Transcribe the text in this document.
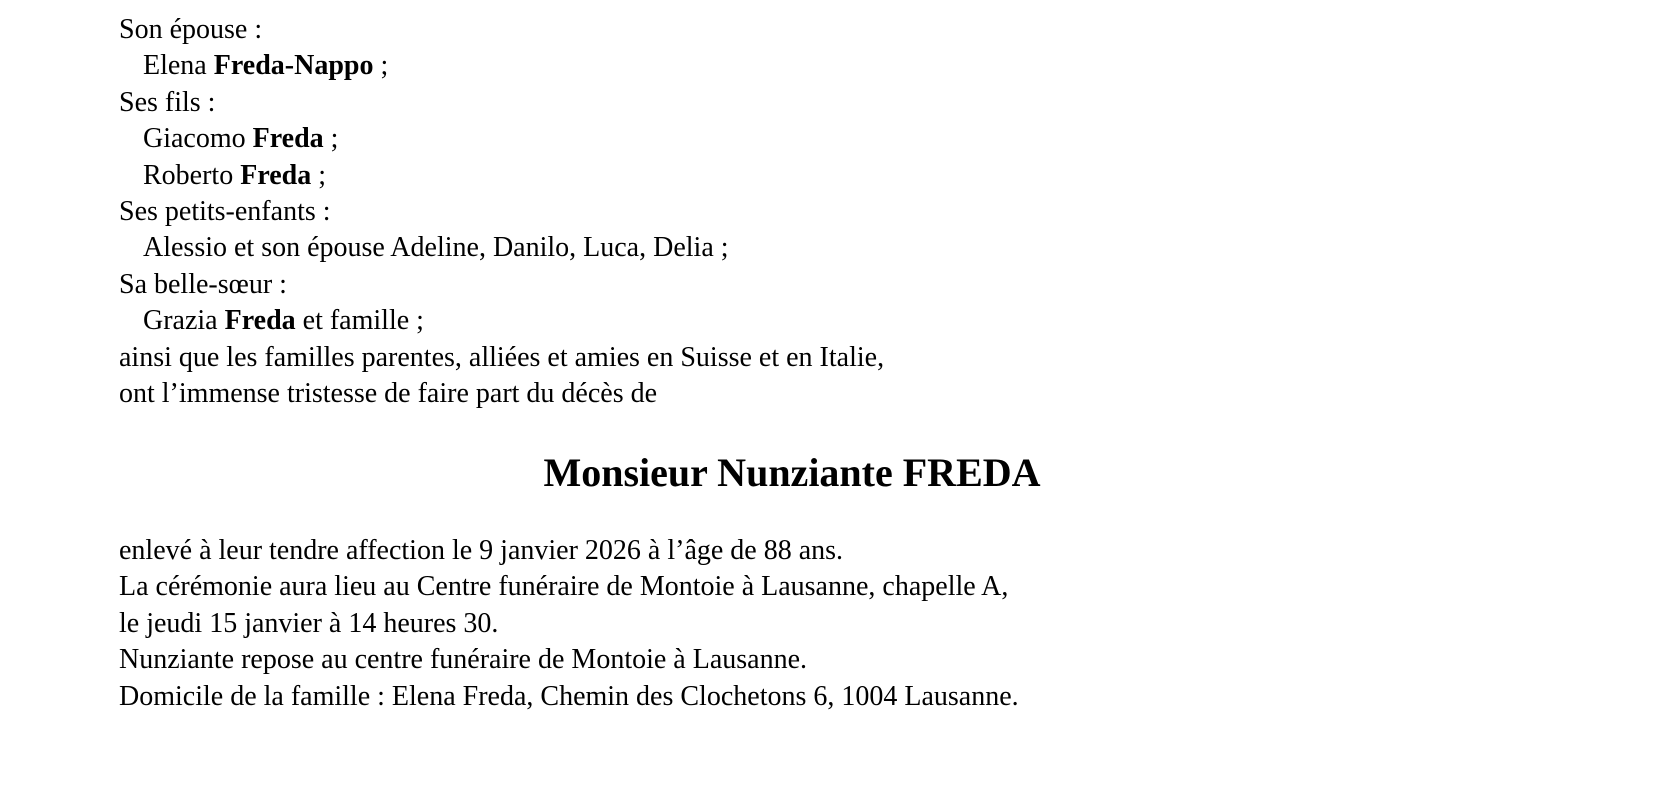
Son épouse :
Elena Freda-Nappo ;
Ses fils :
Giacomo Freda ;
Roberto Freda ;
Ses petits-enfants :
Alessio et son épouse Adeline, Danilo, Luca, Delia ;
Sa belle-sœur :
Grazia Freda et famille ;
ainsi que les familles parentes, alliées et amies en Suisse et en Italie,
ont l’immense tristesse de faire part du décès de
Monsieur Nunziante FREDA
enlevé à leur tendre affection le 9 janvier 2026 à l’âge de 88 ans.
La cérémonie aura lieu au Centre funéraire de Montoie à Lausanne, chapelle A,
le jeudi 15 janvier à 14 heures 30.
Nunziante repose au centre funéraire de Montoie à Lausanne.
Domicile de la famille : Elena Freda, Chemin des Clochetons 6, 1004 Lausanne.
